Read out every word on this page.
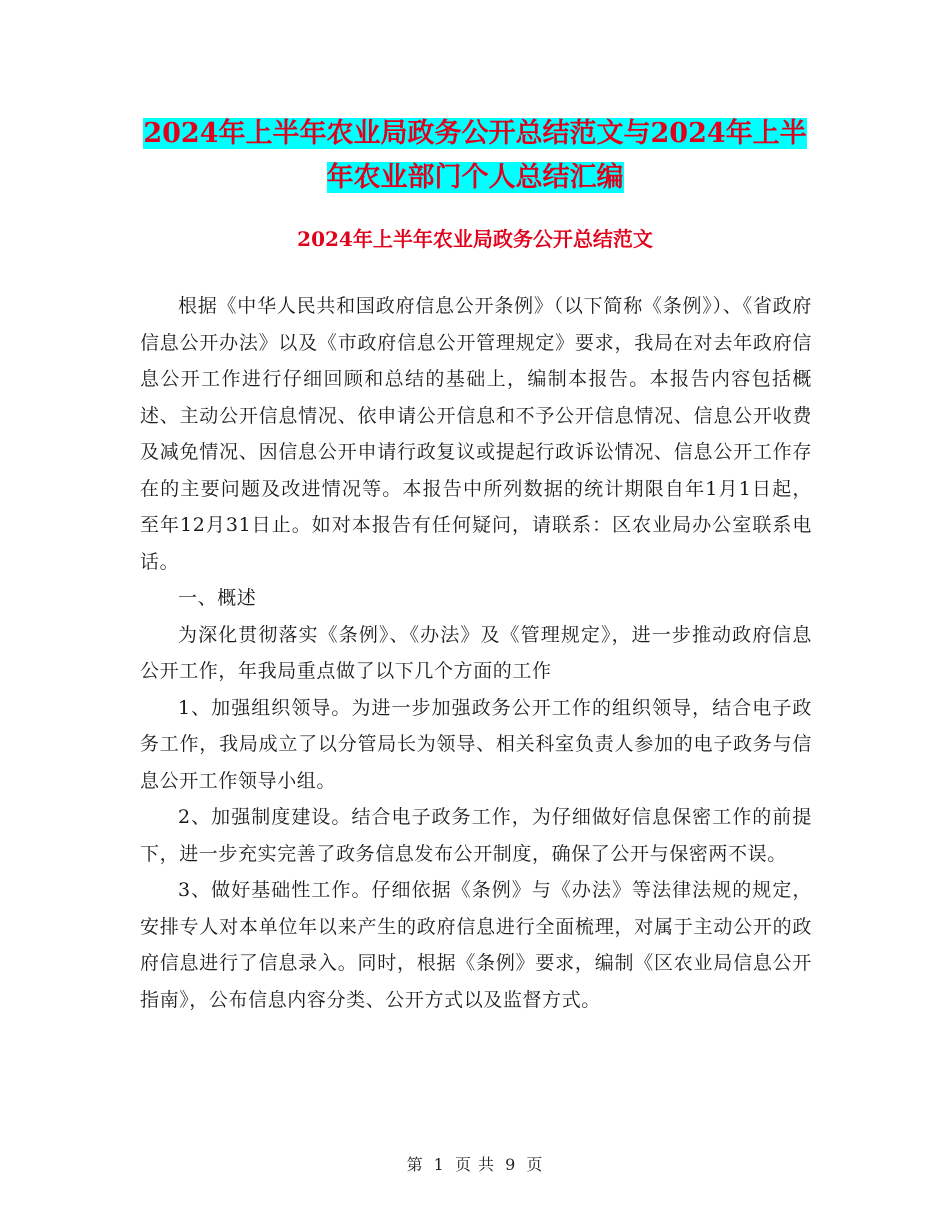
2024年上半年农业局政务公开总结范文与2024年上半
年农业部门个人总结汇编
2024年上半年农业局政务公开总结范文

根据《中华人民共和国政府信息公开条例》（以下简称《条例》）、《省政府信息公开办法》以及《市政府信息公开管理规定》要求，我局在对去年政府信息公开工作进行仔细回顾和总结的基础上，编制本报告。本报告内容包括概述、主动公开信息情况、依申请公开信息和不予公开信息情况、信息公开收费及减免情况、因信息公开申请行政复议或提起行政诉讼情况、信息公开工作存在的主要问题及改进情况等。本报告中所列数据的统计期限自年1月1日起，至年12月31日止。如对本报告有任何疑问，请联系：区农业局办公室联系电话。

一、概述

为深化贯彻落实《条例》、《办法》及《管理规定》，进一步推动政府信息公开工作，年我局重点做了以下几个方面的工作

1、加强组织领导。为进一步加强政务公开工作的组织领导，结合电子政务工作，我局成立了以分管局长为领导、相关科室负责人参加的电子政务与信息公开工作领导小组。

2、加强制度建设。结合电子政务工作，为仔细做好信息保密工作的前提下，进一步充实完善了政务信息发布公开制度，确保了公开与保密两不误。

3、做好基础性工作。仔细依据《条例》与《办法》等法律法规的规定，安排专人对本单位年以来产生的政府信息进行全面梳理，对属于主动公开的政府信息进行了信息录入。同时，根据《条例》要求，编制《区农业局信息公开指南》，公布信息内容分类、公开方式以及监督方式。

第 1 页 共 9 页
